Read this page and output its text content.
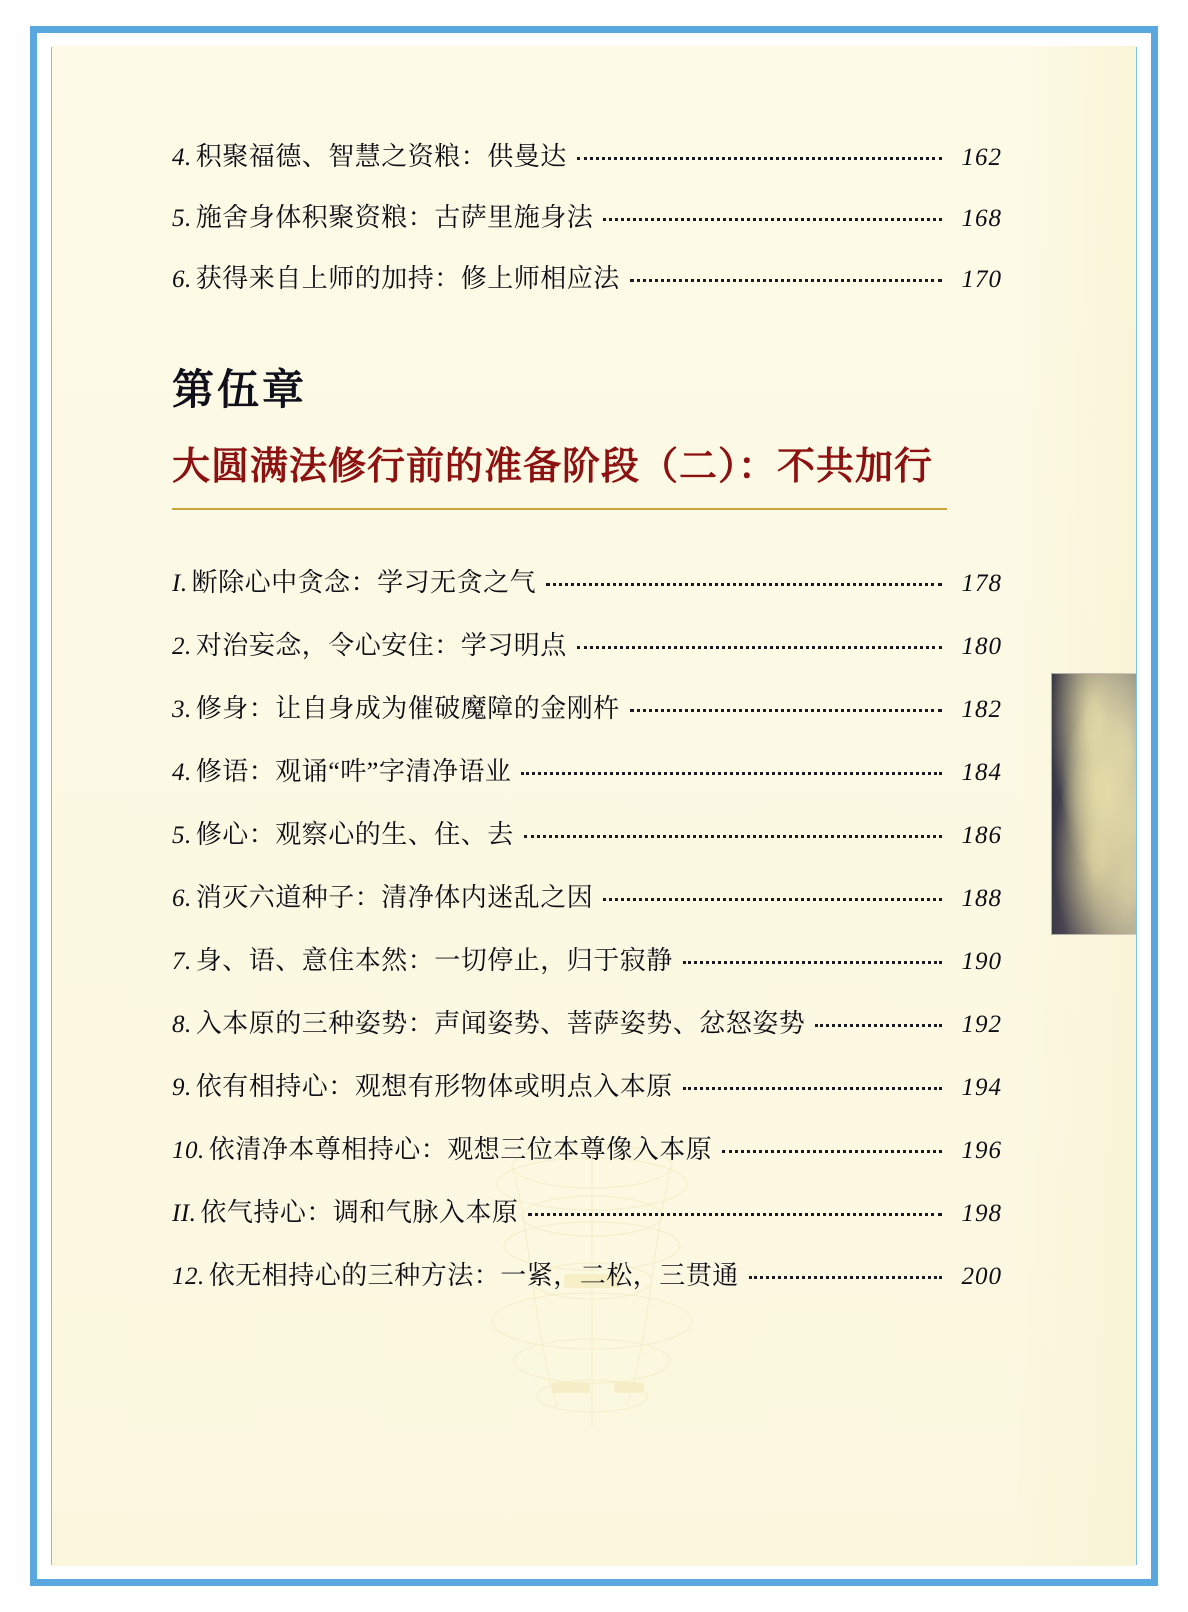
4. 积聚福德、智慧之资粮：供曼达	162
5. 施舍身体积聚资粮：古萨里施身法	168
6. 获得来自上师的加持：修上师相应法	170
第伍章
大圆满法修行前的准备阶段（二）：不共加行
I. 断除心中贪念：学习无贪之气	178
2. 对治妄念，令心安住：学习明点	180
3. 修身：让自身成为催破魔障的金刚杵	182
4. 修语：观诵“吽”字清净语业	184
5. 修心：观察心的生、住、去	186
6. 消灭六道种子：清净体内迷乱之因	188
7. 身、语、意住本然：一切停止，归于寂静	190
8. 入本原的三种姿势：声闻姿势、菩萨姿势、忿怒姿势	192
9. 依有相持心：观想有形物体或明点入本原	194
10. 依清净本尊相持心：观想三位本尊像入本原	196
II. 依气持心：调和气脉入本原	198
12. 依无相持心的三种方法：一紧，二松，三贯通	200
